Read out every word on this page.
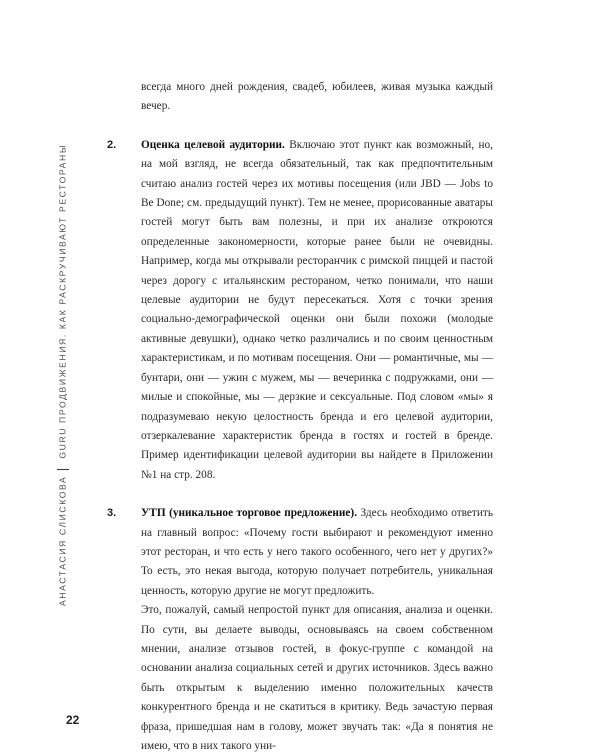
АНАСТАСИЯ СЛИСКОВАGURU ПРОДВИЖЕНИЯ. КАК РАСКРУЧИВАЮТ РЕСТОРАНЫ

всегда много дней рождения, свадеб, юбилеев, живая музыка каждый вечер.

2. Оценка целевой аудитории. Включаю этот пункт как возможный, но, на мой взгляд, не всегда обязательный, так как предпочтительным считаю анализ гостей через их мотивы посещения (или JBD — Jobs to Be Done; см. предыдущий пункт). Тем не менее, прорисованные аватары гостей могут быть вам полезны, и при их анализе откроются определенные закономерности, которые ранее были не очевидны. Например, когда мы открывали ресторанчик с римской пиццей и пастой через дорогу с итальянским рестораном, четко понимали, что наши целевые аудитории не будут пересекаться. Хотя с точки зрения социально-демографической оценки они были похожи (молодые активные девушки), однако четко различались и по своим ценностным характеристикам, и по мотивам посещения. Они — романтичные, мы — бунтари, они — ужин с мужем, мы — вечеринка с подружками, они — милые и спокойные, мы — дерзкие и сексуальные. Под словом «мы» я подразумеваю некую целостность бренда и его целевой аудитории, отзеркалевание характеристик бренда в гостях и гостей в бренде. Пример идентификации целевой аудитории вы найдете в Приложении №1 на стр. 208.

3. УТП (уникальное торговое предложение). Здесь необходимо ответить на главный вопрос: «Почему гости выбирают и рекомендуют именно этот ресторан, и что есть у него такого особенного, чего нет у других?» То есть, это некая выгода, которую получает потребитель, уникальная ценность, которую другие не могут предложить.

Это, пожалуй, самый непростой пункт для описания, анализа и оценки. По сути, вы делаете выводы, основываясь на своем собственном мнении, анализе отзывов гостей, в фокус-группе с командой на основании анализа социальных сетей и других источников. Здесь важно быть открытым к выделению именно положительных качеств конкурентного бренда и не скатиться в критику. Ведь зачастую первая фраза, пришедшая нам в голову, может звучать так: «Да я понятия не имею, что в них такого уни-

22
